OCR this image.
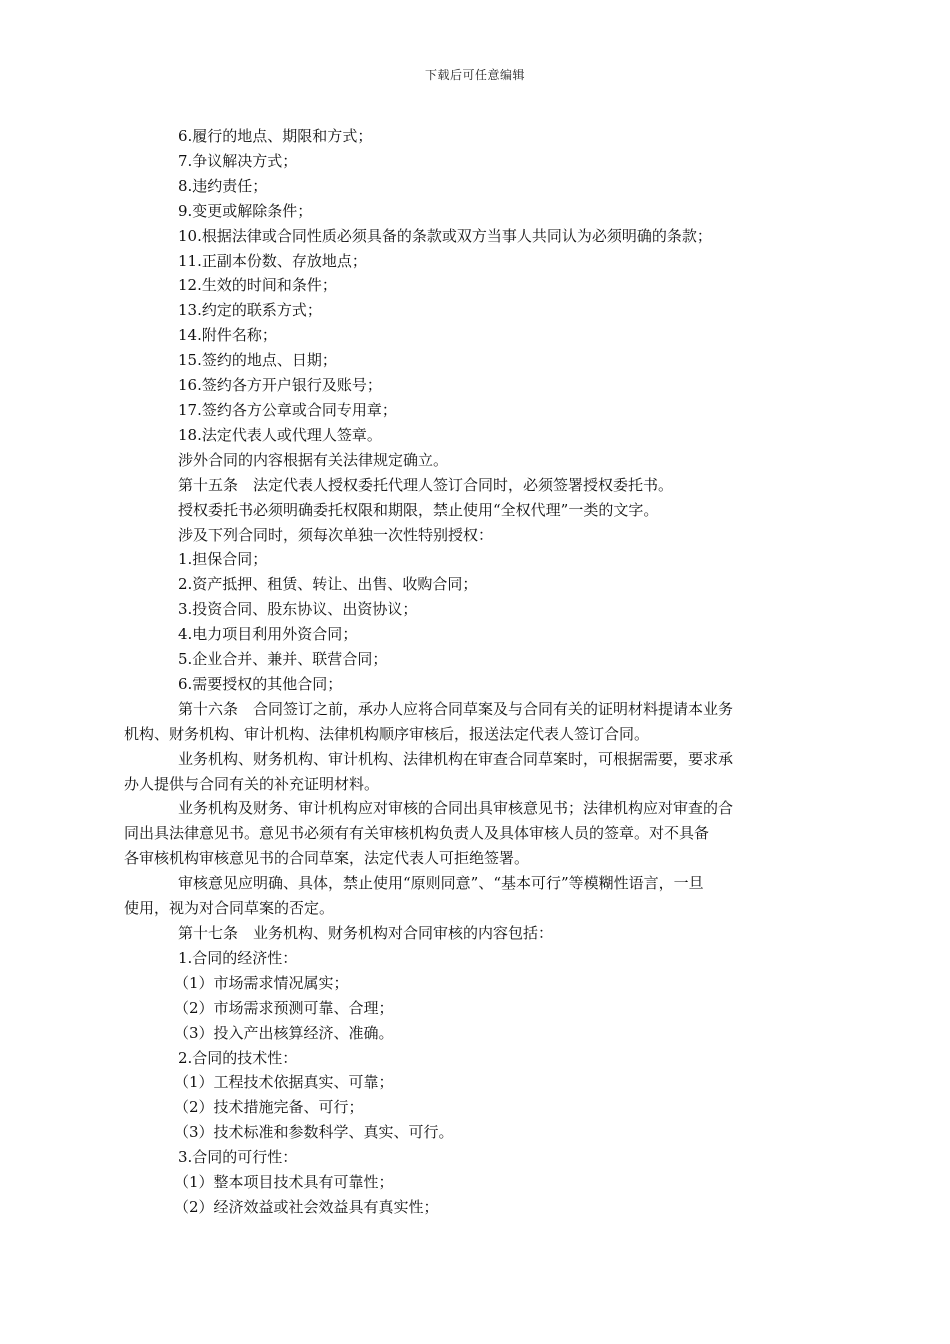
下载后可任意编辑

6.履行的地点、期限和方式；

7.争议解决方式；

8.违约责任；

9.变更或解除条件；

10.根据法律或合同性质必须具备的条款或双方当事人共同认为必须明确的条款；

11.正副本份数、存放地点；

12.生效的时间和条件；

13.约定的联系方式；

14.附件名称；

15.签约的地点、日期；

16.签约各方开户银行及账号；

17.签约各方公章或合同专用章；

18.法定代表人或代理人签章。

涉外合同的内容根据有关法律规定确立。

第十五条　法定代表人授权委托代理人签订合同时，必须签署授权委托书。

授权委托书必须明确委托权限和期限，禁止使用“全权代理”一类的文字。

涉及下列合同时，须每次单独一次性特别授权：

1.担保合同；

2.资产抵押、租赁、转让、出售、收购合同；

3.投资合同、股东协议、出资协议；

4.电力项目利用外资合同；

5.企业合并、兼并、联营合同；

6.需要授权的其他合同；

第十六条　合同签订之前，承办人应将合同草案及与合同有关的证明材料提请本业务
机构、财务机构、审计机构、法律机构顺序审核后，报送法定代表人签订合同。
业务机构、财务机构、审计机构、法律机构在审查合同草案时，可根据需要，要求承
办人提供与合同有关的补充证明材料。
业务机构及财务、审计机构应对审核的合同出具审核意见书；法律机构应对审查的合
同出具法律意见书。意见书必须有有关审核机构负责人及具体审核人员的签章。对不具备
各审核机构审核意见书的合同草案，法定代表人可拒绝签署。
审核意见应明确、具体，禁止使用“原则同意”、“基本可行”等模糊性语言，一旦
使用，视为对合同草案的否定。

第十七条　业务机构、财务机构对合同审核的内容包括：

1.合同的经济性：

（1）市场需求情况属实；

（2）市场需求预测可靠、合理；

（3）投入产出核算经济、准确。

2.合同的技术性：

（1）工程技术依据真实、可靠；

（2）技术措施完备、可行；

（3）技术标准和参数科学、真实、可行。

3.合同的可行性：

（1）整本项目技术具有可靠性；

（2）经济效益或社会效益具有真实性；
